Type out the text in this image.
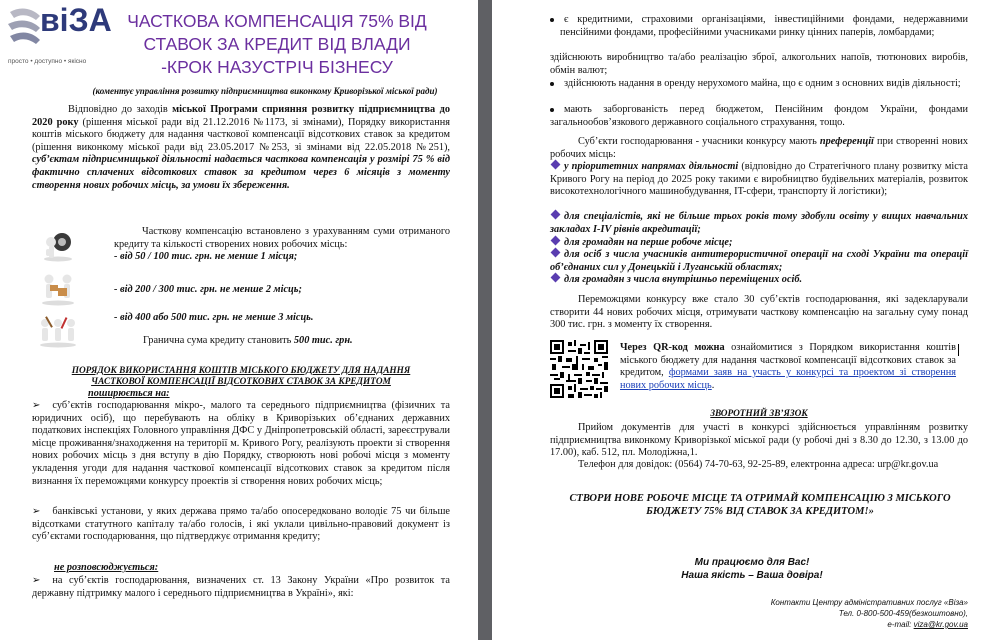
віЗА
просто • доступно • якісно
ЧАСТКОВА КОМПЕНСАЦІЯ 75% ВІД
СТАВОК ЗА КРЕДИТ ВІД ВЛАДИ
-КРОК НАЗУСТРІЧ БІЗНЕСУ
(коментує управління розвитку підприємництва виконкому Криворізької міської ради)
Відповідно до заходів міської Програми сприяння розвитку підприємництва до 2020 року (рішення міської ради від 21.12.2016 №1173, зі змінами), Порядку використання коштів міського бюджету для надання часткової компенсації відсоткових ставок за кредитом (рішення виконкому міської ради від 23.05.2017 №253, зі змінами від 22.05.2018 №251), суб’єктам підприємницької діяльності надається часткова компенсація у розмірі 75 % від фактично сплачених відсоткових ставок за кредитом через 6 місяців з моменту створення нових робочих місць, за умови їх збереження.
Часткову компенсацію встановлено з урахуванням суми отриманого кредиту та кількості створених нових робочих місць:
- від 50 / 100 тис. грн. не менше 1 місця;
- від 200 / 300 тис. грн. не менше 2 місць;
- від 400 або 500 тис. грн. не менше 3 місць.
Гранична сума кредиту становить 500 тис. грн.
ПОРЯДОК ВИКОРИСТАННЯ КОШТІВ МІСЬКОГО БЮДЖЕТУ ДЛЯ НАДАННЯ
ЧАСТКОВОЇ КОМПЕНСАЦІЇ ВІДСОТКОВИХ СТАВОК ЗА КРЕДИТОМ
поширюється на:
➢ суб’єктів господарювання мікро-, малого та середнього підприємництва (фізичних та юридичних осіб), що перебувають на обліку в Криворізьких об’єднаних державних податкових інспекціях Головного управління ДФС у Дніпропетровській області, зареєстрували місце проживання/знаходження на території м. Кривого Рогу, реалізують проекти зі створення нових робочих місць з дня вступу в дію Порядку, створюють нові робочі місця з моменту укладення угоди для надання часткової компенсації відсоткових ставок за кредитом після визнання їх переможцями конкурсу проектів зі створення нових робочих місць;
➢ банківські установи, у яких держава прямо та/або опосередковано володіє 75 чи більше відсотками статутного капіталу та/або голосів, і які уклали цивільно-правовий документ із суб’єктами господарювання, що підтверджує отримання кредиту;
не розповсюджується:
➢ на суб’єктів господарювання, визначених ст. 13 Закону України «Про розвиток та державну підтримку малого і середнього підприємництва в Україні», які:
є кредитними, страховими організаціями, інвестиційними фондами, недержавними пенсійними фондами, професійними учасниками ринку цінних паперів, ломбардами;
здійснюють виробництво та/або реалізацію зброї, алкогольних напоїв, тютюнових виробів, обмін валют;
здійснюють надання в оренду нерухомого майна, що є одним з основних видів діяльності;
мають заборгованість перед бюджетом, Пенсійним фондом України, фондами загальнообов’язкового державного соціального страхування, тощо.
Суб’єкти господарювання - учасники конкурсу мають преференції при створенні нових робочих місць:
у пріоритетних напрямах діяльності (відповідно до Стратегічного плану розвитку міста Кривого Рогу на період до 2025 року такими є виробництво будівельних матеріалів, розвиток високотехнологічного машинобудування, IT-сфери, транспорту й логістики);
для спеціалістів, які не більше трьох років тому здобули освіту у вищих навчальних закладах І-IV рівнів акредитації;
для громадян на перше робоче місце;
для осіб з числа учасників антитерористичної операції на сході України та операції об’єднаних сил у Донецькій і Луганській областях;
для громадян з числа внутрішньо переміщених осіб.
Переможцями конкурсу вже стало 30 суб’єктів господарювання, які задекларували створити 44 нових робочих місця, отримувати часткову компенсацію на загальну суму понад 300 тис. грн. з моменту їх створення.
Через QR-код можна ознайомитися з Порядком використання коштів міського бюджету для надання часткової компенсації відсоткових ставок за кредитом, формами заяв на участь у конкурсі та проектом зі створення нових робочих місць.
ЗВОРОТНИЙ ЗВ’ЯЗОК
Прийом документів для участі в конкурсі здійснюється управлінням розвитку підприємництва виконкому Криворізької міської ради (у робочі дні з 8.30 до 12.30, з 13.00 до 17.00), каб. 512, пл. Молодіжна,1.
Телефон для довідок: (0564) 74-70-63, 92-25-89, електронна адреса: urp@kr.gov.ua
СТВОРИ НОВЕ РОБОЧЕ МІСЦЕ ТА ОТРИМАЙ КОМПЕНСАЦІЮ З МІСЬКОГО БЮДЖЕТУ 75% ВІД СТАВОК ЗА КРЕДИТОМ!»
Ми працюємо для Вас!
Наша якість – Ваша довіра!
Контакти Центру адміністративних послуг «Віза»
Тел. 0-800-500-459(безкоштовно),
e-mail: viza@kr.gov.ua
